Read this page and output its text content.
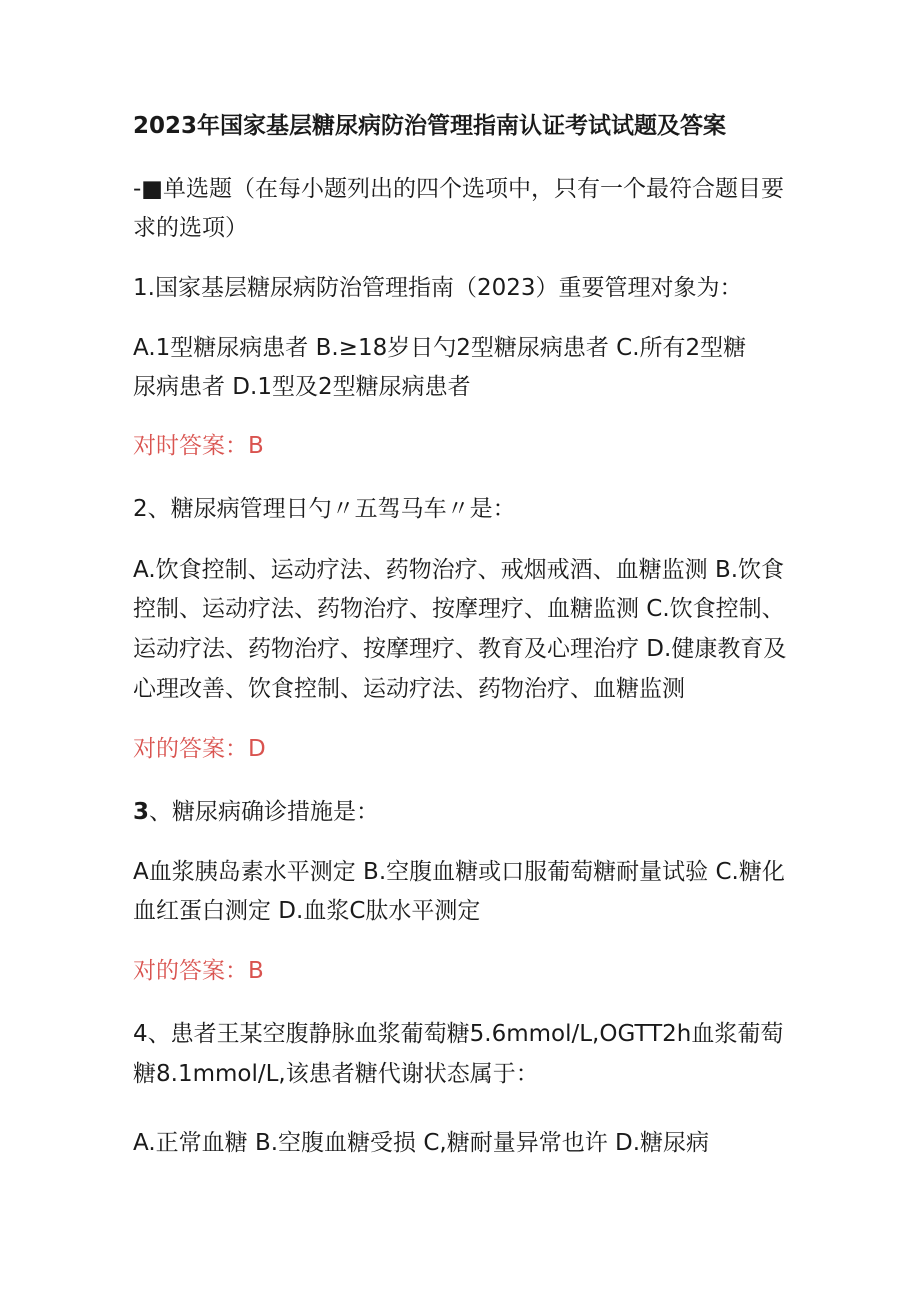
2023年国家基层糖尿病防治管理指南认证考试试题及答案
-■单选题（在每小题列出的四个选项中，只有一个最符合题目要
求的选项）
1.国家基层糖尿病防治管理指南（2023）重要管理对象为：
A.1型糖尿病患者 B.≥18岁日勺2型糖尿病患者 C.所有2型糖
尿病患者 D.1型及2型糖尿病患者
对时答案：B
2、糖尿病管理日勺〃五驾马车〃是：
A.饮食控制、运动疗法、药物治疗、戒烟戒酒、血糖监测 B.饮食
控制、运动疗法、药物治疗、按摩理疗、血糖监测 C.饮食控制、
运动疗法、药物治疗、按摩理疗、教育及心理治疗 D.健康教育及
心理改善、饮食控制、运动疗法、药物治疗、血糖监测
对的答案：D
3、糖尿病确诊措施是：
A血浆胰岛素水平测定 B.空腹血糖或口服葡萄糖耐量试验 C.糖化
血红蛋白测定 D.血浆C肽水平测定
对的答案：B
4、患者王某空腹静脉血浆葡萄糖5.6mmol/L,OGTT2h血浆葡萄
糖8.1mmol/L,该患者糖代谢状态属于：
A.正常血糖 B.空腹血糖受损 C,糖耐量异常也许 D.糖尿病
